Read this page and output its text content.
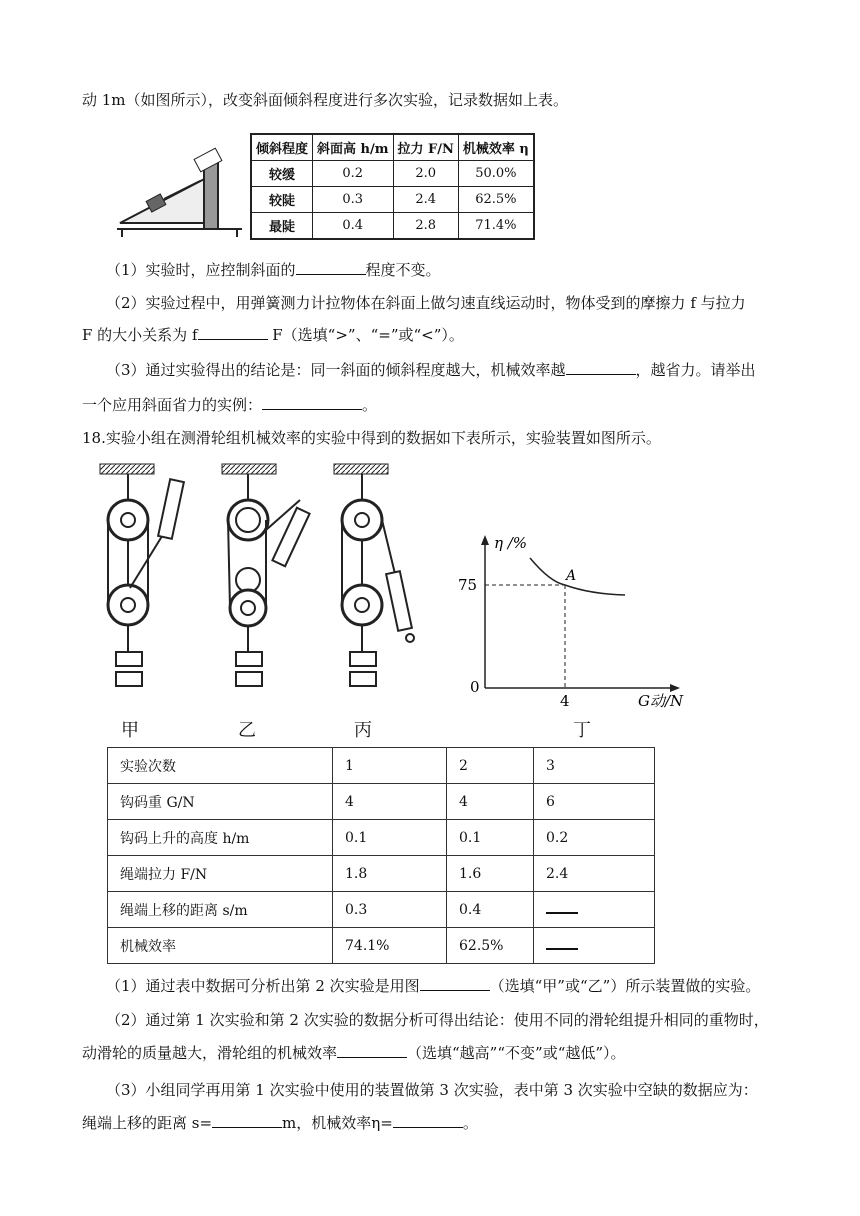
动 1m（如图所示），改变斜面倾斜程度进行多次实验，记录数据如上表。
倾斜程度	斜面高 h/m	拉力 F/N	机械效率 η
较缓	0.2	2.0	50.0%
较陡	0.3	2.4	62.5%
最陡	0.4	2.8	71.4%
（1）实验时，应控制斜面的	程度不变。
（2）实验过程中，用弹簧测力计拉物体在斜面上做匀速直线运动时，物体受到的摩擦力 f 与拉力
F 的大小关系为 f	F（选填“>”、“=”或“<”）。
（3）通过实验得出的结论是：同一斜面的倾斜程度越大，机械效率越	，越省力。请举出
一个应用斜面省力的实例：	。
18.实验小组在测滑轮组机械效率的实验中得到的数据如下表所示，实验装置如图所示。
η /%
75
0
4	G动/N
A
甲	乙	丙	丁
实验次数	1	2	3
钩码重 G/N	4	4	6
钩码上升的高度 h/m	0.1	0.1	0.2
绳端拉力 F/N	1.8	1.6	2.4
绳端上移的距离 s/m	0.3	0.4	
机械效率	74.1%	62.5%	
（1）通过表中数据可分析出第 2 次实验是用图	（选填“甲”或“乙”）所示装置做的实验。
（2）通过第 1 次实验和第 2 次实验的数据分析可得出结论：使用不同的滑轮组提升相同的重物时，
动滑轮的质量越大，滑轮组的机械效率	（选填“越高”“不变”或“越低”）。
（3）小组同学再用第 1 次实验中使用的装置做第 3 次实验，表中第 3 次实验中空缺的数据应为：
绳端上移的距离 s=	m，机械效率η=	。
